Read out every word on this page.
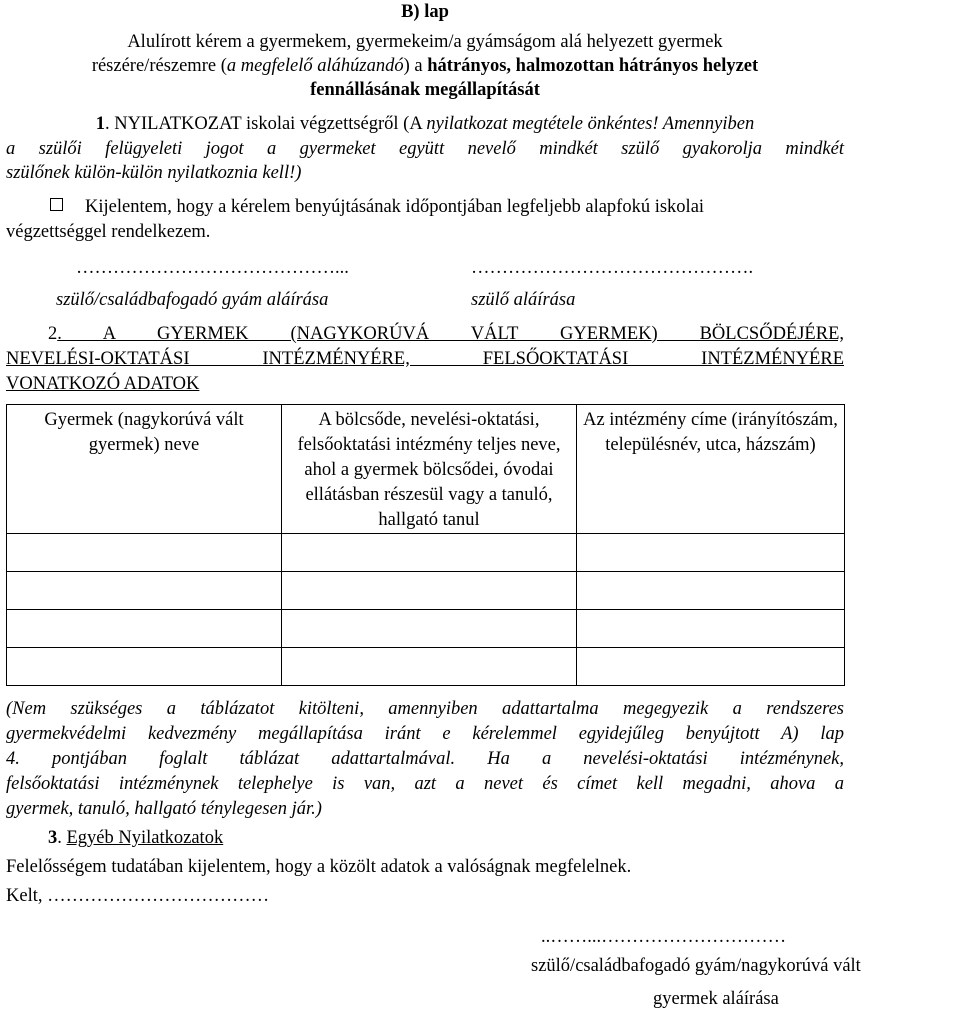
B) lap
Alulírott kérem a gyermekem, gyermekeim/a gyámságom alá helyezett gyermek
részére/részemre (a megfelelő aláhúzandó) a hátrányos, halmozottan hátrányos helyzet
fennállásának megállapítását
1. NYILATKOZAT iskolai végzettségről (A nyilatkozat megtétele önkéntes! Amennyiben
a szülői felügyeleti jogot a gyermeket együtt nevelő mindkét szülő gyakorolja mindkét
szülőnek külön-külön nyilatkoznia kell!)
Kijelentem, hogy a kérelem benyújtásának időpontjában legfeljebb alapfokú iskolai
végzettséggel rendelkezem.
……………………………………...	……………………………………….
szülő/családbafogadó gyám aláírása	szülő aláírása
2. A GYERMEK (NAGYKORÚVÁ VÁLT GYERMEK) BÖLCSŐDÉJÉRE,
NEVELÉSI-OKTATÁSI INTÉZMÉNYÉRE, FELSŐOKTATÁSI INTÉZMÉNYÉRE
VONATKOZÓ ADATOK
Gyermek (nagykorúvá vált gyermek) neve	A bölcsőde, nevelési-oktatási, felsőoktatási intézmény teljes neve, ahol a gyermek bölcsődei, óvodai ellátásban részesül vagy a tanuló, hallgató tanul	Az intézmény címe (irányítószám, településnév, utca, házszám)

(Nem szükséges a táblázatot kitölteni, amennyiben adattartalma megegyezik a rendszeres
gyermekvédelmi kedvezmény megállapítása iránt e kérelemmel egyidejűleg benyújtott A) lap
4. pontjában foglalt táblázat adattartalmával. Ha a nevelési-oktatási intézménynek,
felsőoktatási intézménynek telephelye is van, azt a nevet és címet kell megadni, ahova a
gyermek, tanuló, hallgató ténylegesen jár.)
3. Egyéb Nyilatkozatok
Felelősségem tudatában kijelentem, hogy a közölt adatok a valóságnak megfelelnek.
Kelt, ………………………………
..……...…………………………
szülő/családbafogadó gyám/nagykorúvá vált
gyermek aláírása
